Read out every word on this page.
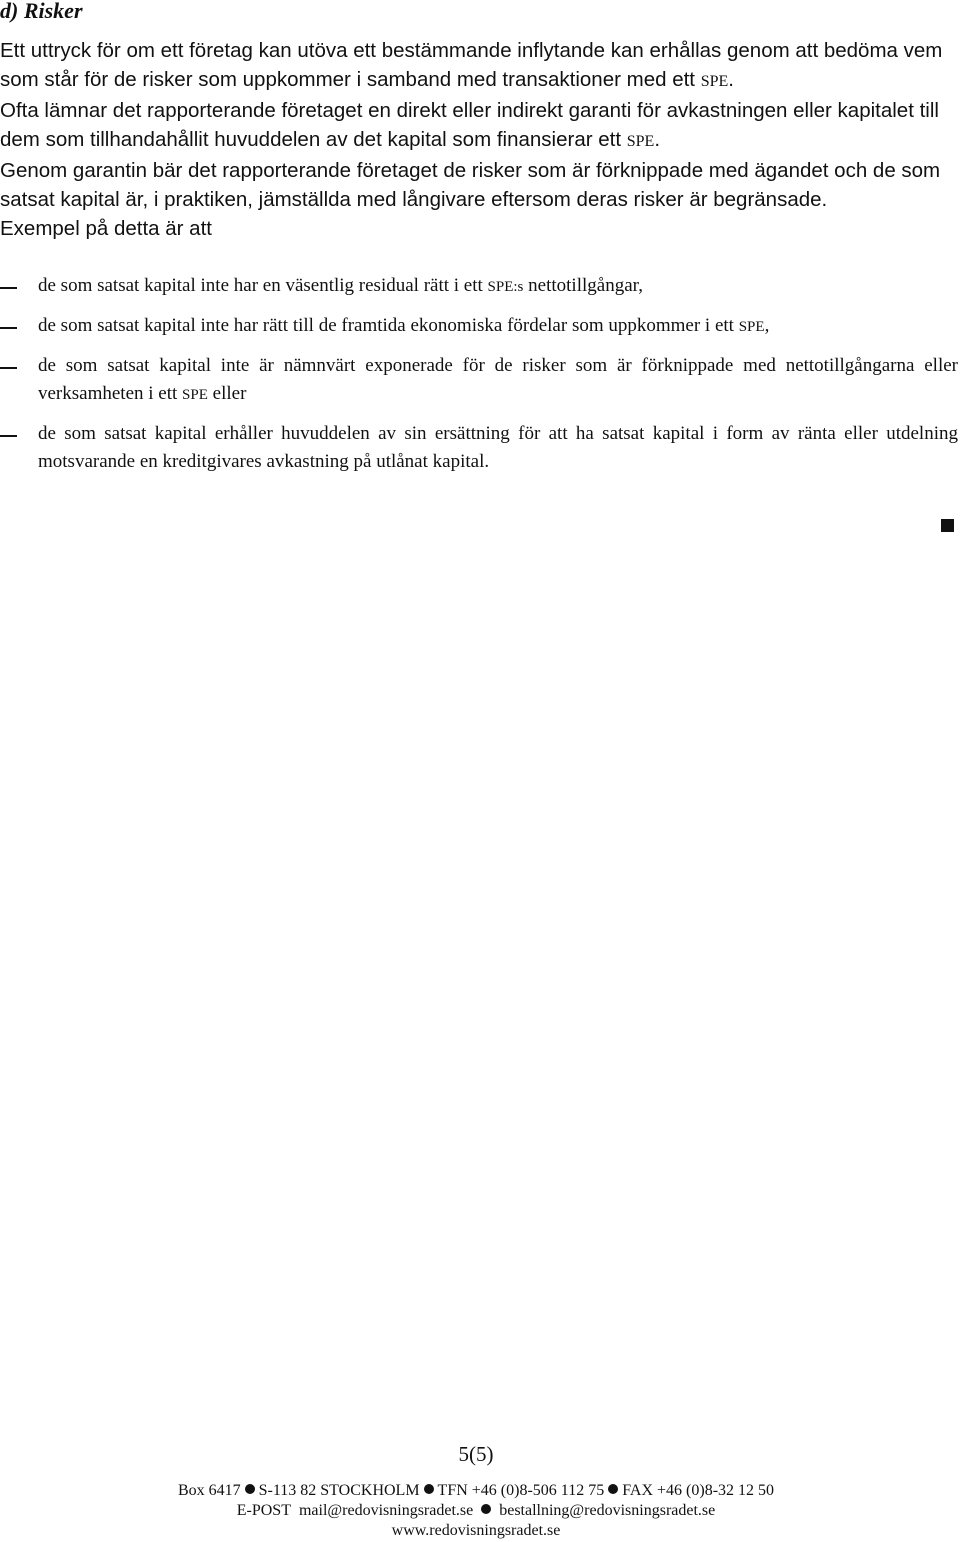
d) Risker

Ett uttryck för om ett företag kan utöva ett bestämmande inflytande kan erhållas genom att bedöma vem som står för de risker som uppkommer i samband med transaktioner med ett SPE.

Ofta lämnar det rapporterande företaget en direkt eller indirekt garanti för avkastningen eller kapitalet till dem som tillhandahållit huvuddelen av det kapital som finansierar ett SPE.

Genom garantin bär det rapporterande företaget de risker som är förknippade med ägandet och de som satsat kapital är, i praktiken, jämställda med långivare eftersom deras risker är begränsade.

Exempel på detta är att

de som satsat kapital inte har en väsentlig residual rätt i ett SPE:s nettotillgångar,
de som satsat kapital inte har rätt till de framtida ekonomiska fördelar som uppkommer i ett SPE,
de som satsat kapital inte är nämnvärt exponerade för de risker som är förknippade med nettotillgångarna eller verksamheten i ett SPE eller
de som satsat kapital erhåller huvuddelen av sin ersättning för att ha satsat kapital i form av ränta eller utdelning motsvarande en kreditgivares avkastning på utlånat kapital.
5(5)
Box 6417 S-113 82 STOCKHOLM TFN +46 (0)8-506 112 75 FAX +46 (0)8-32 12 50
E-POST mail@redovisningsradet.se bestallning@redovisningsradet.se
www.redovisningsradet.se
